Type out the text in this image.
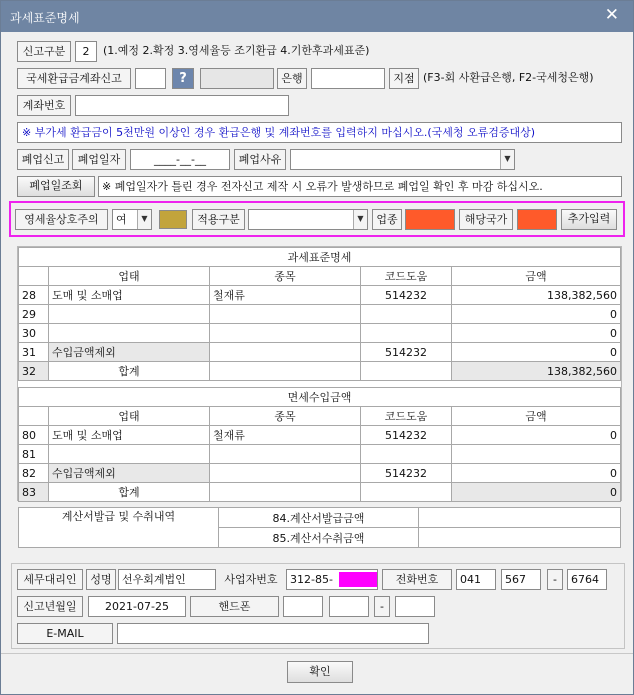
과세표준명세	✕
신고구분	2	(1.예정 2.확정 3.영세율등 조기환급 4.기한후과세표준)
국세환급금계좌신고	?	은행	지점 (F3-회 사환급은행, F2-국세청은행)
계좌번호
※ 부가세 환급금이 5천만원 이상인 경우 환급은행 및 계좌번호를 입력하지 마십시오.(국세청 오류검증대상)
폐업신고	폐업일자	____-__-__	폐업사유	▼
폐업일조회	※ 폐업일자가 틀린 경우 전자신고 제작 시 오류가 발생하므로 폐업일 확인 후 마감 하십시오.
영세율상호주의	여	▼	적용구분	▼	업종	해당국가	추가입력
과세표준명세				
	업태	종목	코드도움	금액
28	도매 및 소매업	철재류	514232	138,382,560
29				0
30				0
31	수입금액제외		514232	0
32	합계			138,382,560
면세수입금액				
	업태	종목	코드도움	금액
80	도매 및 소매업	철재류	514232	0
81				
82	수입금액제외		514232	0
83	합계			0
계산서발급 및 수취내역	84.계산서발급금액	
	85.계산서수취금액	
세무대리인	성명 선우회계법인	사업자번호	312-85-	전화번호	041	567	-	6764
신고년월일	2021-07-25	핸드폰	-
E-MAIL
확인
